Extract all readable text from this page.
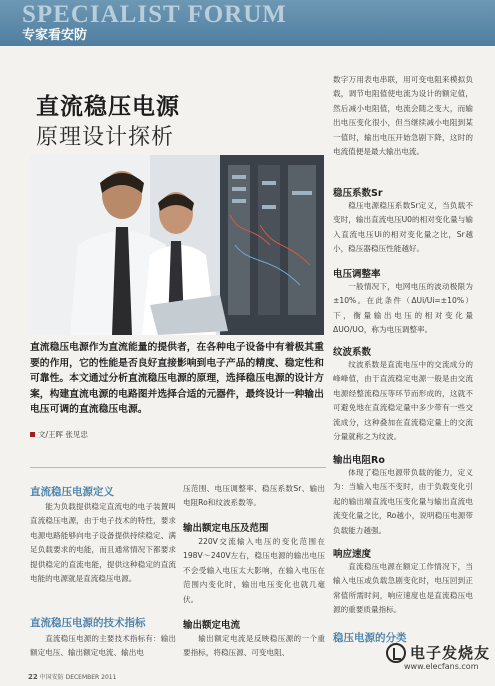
SPECIALIST FORUM
专家看安防
直流稳压电源
原理设计探析
直流稳压电源作为直流能量的提供者，在各种电子设备中有着极其重要的作用，它的性能是否良好直接影响到电子产品的精度、稳定性和可靠性。本文通过分析直流稳压电源的原理，选择稳压电源的设计方案，构建直流电源的电路图并选择合适的元器件，最终设计一种输出电压可调的直流稳压电源。
文/王晖 张见忠
直流稳压电源定义
能为负载提供稳定直流电的电子装置叫直流稳压电源，由于电子技术的特性，要求电源电路能够向电子设备提供持续稳定、满足负载要求的电能，而且通常情况下都要求提供稳定的直流电能，提供这种稳定的直流电能的电源就是直流稳压电源。
直流稳压电源的技术指标
直流稳压电源的主要技术指标有：输出额定电压、输出额定电流、输出电
压范围、电压调整率、稳压系数Sr、输出电阻Ro和纹波系数等。
输出额定电压及范围
220V交流输入电压的变化范围在198V～240V左右，稳压电源的输出电压不会受输入电压太大影响，在输入电压在范围内变化时，输出电压变化也就几毫伏。
输出额定电流
输出额定电流是反映稳压源的一个重要指标，将稳压源、可变电阻、
数字万用表电串联，用可变电阻来模拟负载，调节电阻值使电流为设计的额定值，然后减小电阻值，电流会随之变大，而输出电压变化很小，但当继续减小电阻到某一值时，输出电压开始急剧下降，这时的电流值便是最大输出电流。
稳压系数Sr
稳压电源稳压系数Sr定义，当负载不变时，输出直流电压U0的相对变化量与输入直流电压Ui的相对变化量之比，Sr越小，稳压器稳压性能越好。
电压调整率
一般情况下，电网电压的波动极限为±10%。在此条件（ΔUi/Ui=±10%）下，衡量输出电压的相对变化量 ΔUO/UO，称为电压调整率。
纹波系数
纹波系数是直流电压中的交流成分的峰峰值，由于直流稳定电源一般是由交流电源经整流稳压等环节而形成的，这就不可避免地在直流稳定量中多少带有一些交流成分，这种叠加在直流稳定量上的交流分量就称之为纹波。
输出电阻Ro
体现了稳压电源带负载的能力，定义为：当输入电压不变时，由于负载变化引起的输出端直流电压变化量与输出直流电流变化量之比，Ro越小，说明稳压电源带负载能力越强。
响应速度
直流稳压电源在额定工作情况下，当输入电压或负载急剧变化时，电压回到正常值所需时间，响应速度也是直流稳压电源的重要质量指标。
稳压电源的分类
22 中国安防 DECEMBER 2011
电子发烧友
www.elecfans.com
